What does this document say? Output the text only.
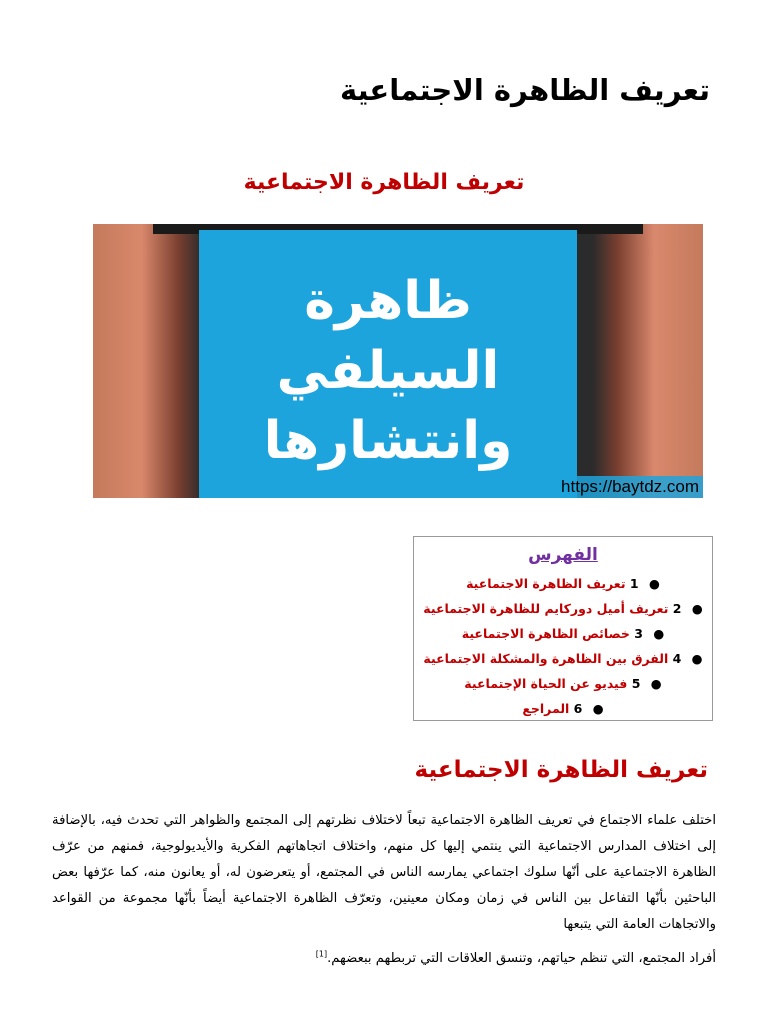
تعريف الظاهرة الاجتماعية
تعريف الظاهرة الاجتماعية
ظاهرة
السيلفي
وانتشارها
https://baytdz.com
الفهرس
● 1 تعريف الظاهرة الاجتماعية
● 2 تعريف أميل دوركايم للظاهرة الاجتماعية
● 3 خصائص الظاهرة الاجتماعية
● 4 الفرق بين الظاهرة والمشكلة الاجتماعية
● 5 فيديو عن الحياة الإجتماعية
● 6 المراجع
تعريف الظاهرة الاجتماعية
اختلف علماء الاجتماع في تعريف الظاهرة الاجتماعية تبعاً لاختلاف نظرتهم إلى المجتمع والظواهر التي تحدث فيه، بالإضافة إلى اختلاف المدارس الاجتماعية التي ينتمي إليها كل منهم، واختلاف اتجاهاتهم الفكرية والأيديولوجية، فمنهم من عرّف الظاهرة الاجتماعية على أنّها سلوك اجتماعي يمارسه الناس في المجتمع، أو يتعرضون له، أو يعانون منه، كما عرّفها بعض الباحثين بأنّها التفاعل بين الناس في زمان ومكان معينين، وتعرّف الظاهرة الاجتماعية أيضاً بأنّها مجموعة من القواعد والاتجاهات العامة التي يتبعها
أفراد المجتمع، التي تنظم حياتهم، وتنسق العلاقات التي تربطهم ببعضهم.[1]
